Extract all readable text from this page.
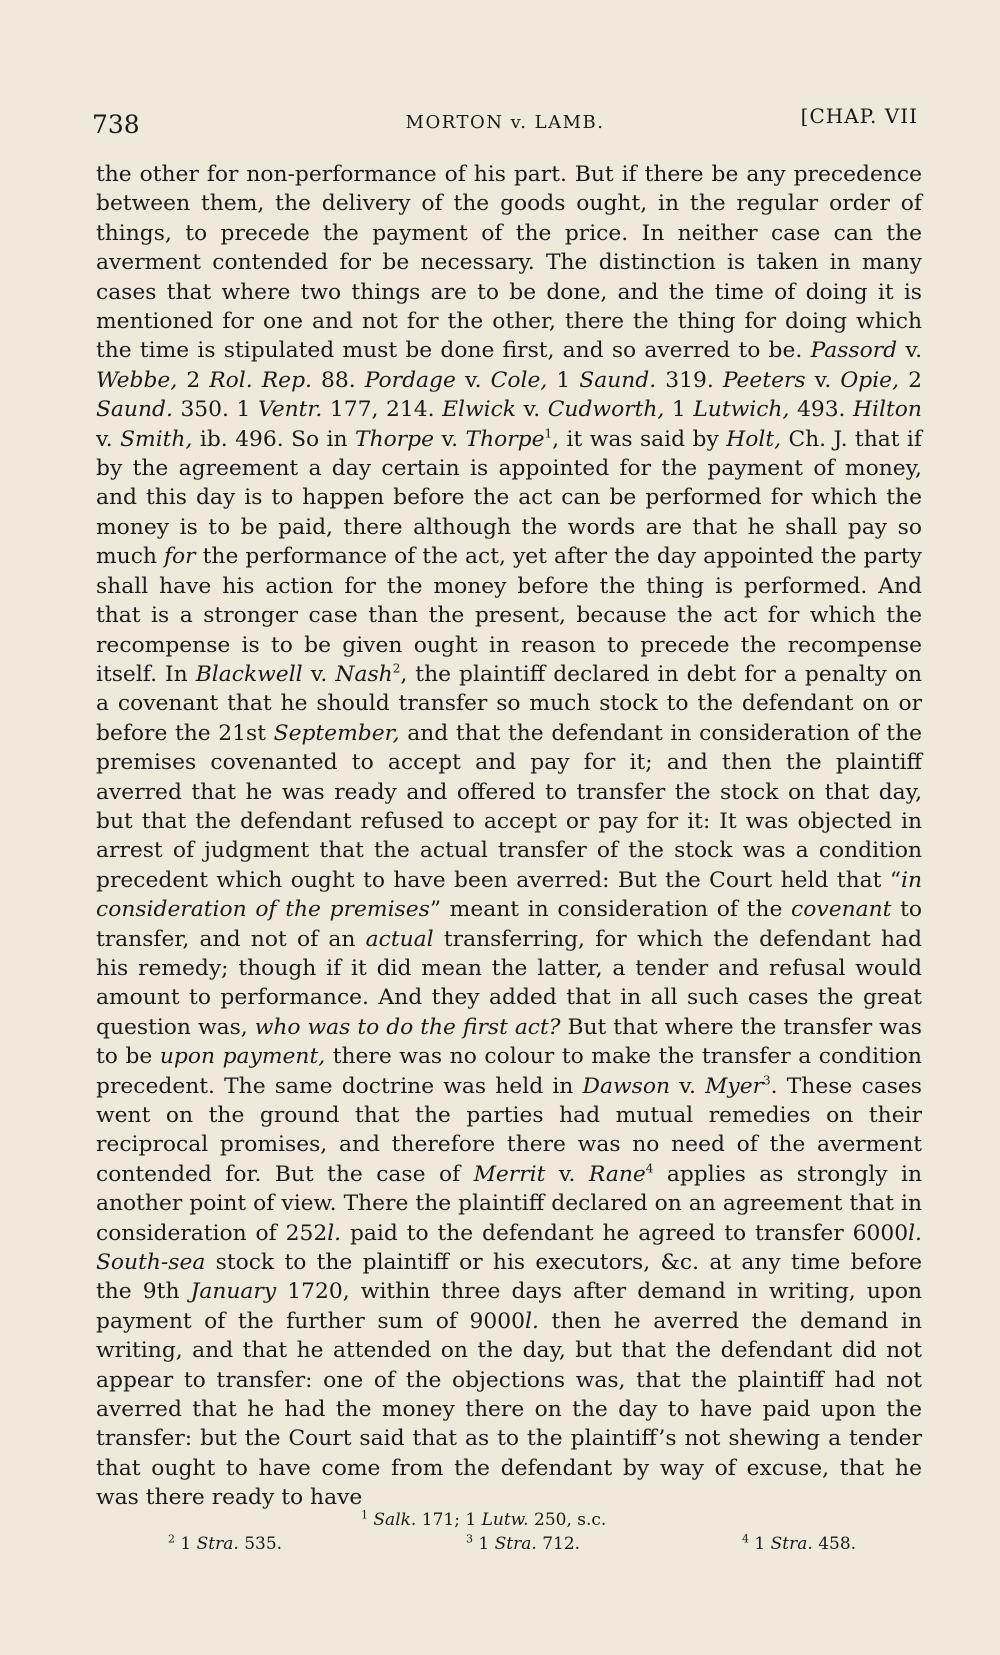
738	MORTON v. LAMB.	[CHAP. VII

the other for non-performance of his part. But if there be any precedence between them, the delivery of the goods ought, in the regular order of things, to precede the payment of the price. In neither case can the averment contended for be necessary. The distinction is taken in many cases that where two things are to be done, and the time of doing it is mentioned for one and not for the other, there the thing for doing which the time is stipulated must be done first, and so averred to be. Passord v. Webbe, 2 Rol. Rep. 88. Pordage v. Cole, 1 Saund. 319. Peeters v. Opie, 2 Saund. 350. 1 Ventr. 177, 214. Elwick v. Cudworth, 1 Lutwich, 493. Hilton v. Smith, ib. 496. So in Thorpe v. Thorpe$^1$, it was said by Holt, Ch. J. that if by the agreement a day certain is appointed for the payment of money, and this day is to happen before the act can be performed for which the money is to be paid, there although the words are that he shall pay so much for the performance of the act, yet after the day appointed the party shall have his action for the money before the thing is performed. And that is a stronger case than the present, because the act for which the recompense is to be given ought in reason to precede the recompense itself. In Blackwell v. Nash$^2$, the plaintiff declared in debt for a penalty on a covenant that he should transfer so much stock to the defendant on or before the 21st September, and that the defendant in consideration of the premises covenanted to accept and pay for it; and then the plaintiff averred that he was ready and offered to transfer the stock on that day, but that the defendant refused to accept or pay for it: It was objected in arrest of judgment that the actual transfer of the stock was a condition precedent which ought to have been averred: But the Court held that “in consideration of the premises” meant in consideration of the covenant to transfer, and not of an actual transferring, for which the defendant had his remedy; though if it did mean the latter, a tender and refusal would amount to performance. And they added that in all such cases the great question was, who was to do the first act? But that where the transfer was to be upon payment, there was no colour to make the transfer a condition precedent. The same doctrine was held in Dawson v. Myer$^3$. These cases went on the ground that the parties had mutual remedies on their reciprocal promises, and therefore there was no need of the averment contended for. But the case of Merrit v. Rane$^4$ applies as strongly in another point of view. There the plaintiff declared on an agreement that in consideration of 252l. paid to the defendant he agreed to transfer 6000l. South-sea stock to the plaintiff or his executors, &c. at any time before the 9th January 1720, within three days after demand in writing, upon payment of the further sum of 9000l. then he averred the demand in writing, and that he attended on the day, but that the defendant did not appear to transfer: one of the objections was, that the plaintiff had not averred that he had the money there on the day to have paid upon the transfer: but the Court said that as to the plaintiff’s not shewing a tender that ought to have come from the defendant by way of excuse, that he was there ready to have

$^1$ Salk. 171; 1 Lutw. 250, s.c.
$^2$ 1 Stra. 535.	$^3$ 1 Stra. 712.	$^4$ 1 Stra. 458.
